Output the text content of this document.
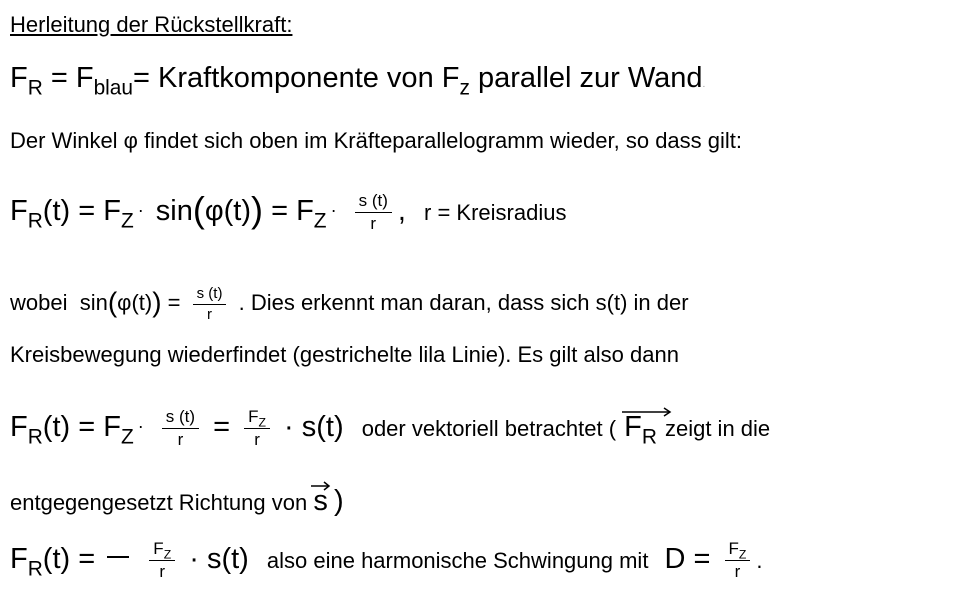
Herleitung der Rückstellkraft:
$F_R = F_{blau}=$ Kraftkomponente von $F_z$ parallel zur Wand.
Der Winkel φ findet sich oben im Kräfteparallelogramm wieder, so dass gilt:
$F_R(t) = F_Z \cdot \sin(\varphi(t)) = F_Z \cdot \frac{s (t)}{r}$ , r = Kreisradius
wobei $\sin(\varphi(t)) = \frac{s (t)}{r}$ . Dies erkennt man daran, dass sich s(t) in der
Kreisbewegung wiederfindet (gestrichelte lila Linie). Es gilt also dann
$F_R(t) = F_Z \cdot \frac{s (t)}{r} = \frac{F_Z}{r} \cdot s(t)$ oder vektoriell betrachtet ( $F_R$ zeigt in die
entgegengesetzt Richtung von s )
$F_R(t)$ =	$\frac{F_Z}{r} \cdot s(t)$ also eine harmonische Schwingung mit $D = \frac{F_Z}{r}$ .
